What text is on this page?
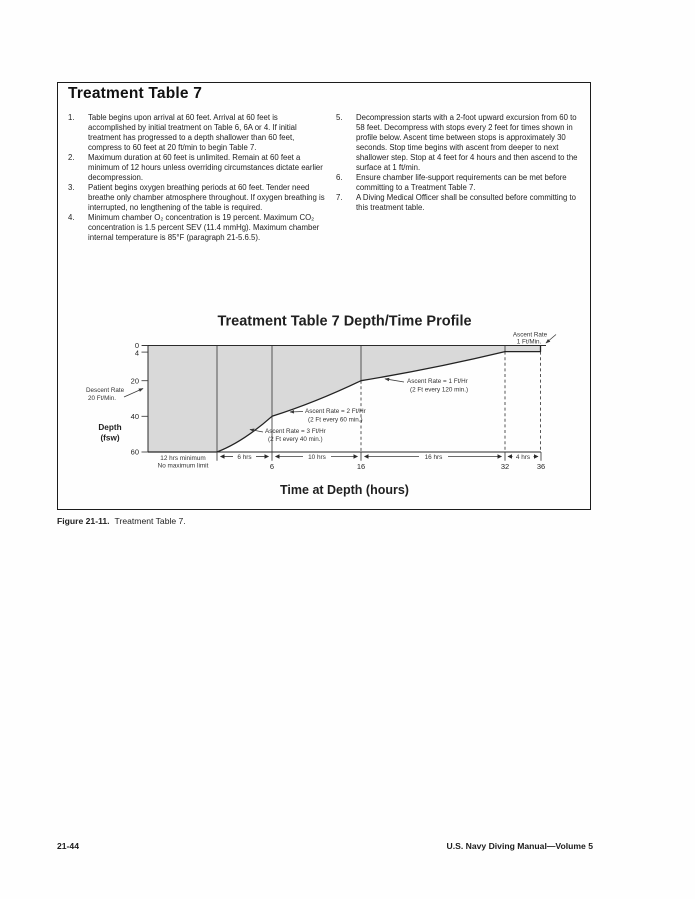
Treatment Table 7
1.	Table begins upon arrival at 60 feet. Arrival at 60 feet is accomplished by initial treatment on Table 6, 6A or 4. If initial treatment has progressed to a depth shallower than 60 feet, compress to 60 feet at 20 ft/min to begin Table 7.
2.	Maximum duration at 60 feet is unlimited. Remain at 60 feet a minimum of 12 hours unless overriding circumstances dictate earlier decompression.
3.	Patient begins oxygen breathing periods at 60 feet. Tender need breathe only chamber atmosphere throughout. If oxygen breathing is interrupted, no lengthening of the table is required.
4.	Minimum chamber O₂ concentration is 19 percent. Maximum CO₂ concentration is 1.5 percent SEV (11.4 mmHg). Maximum chamber internal temperature is 85°F (paragraph 21-5.6.5).
5.	Decompression starts with a 2-foot upward excursion from 60 to 58 feet. Decompress with stops every 2 feet for times shown in profile below. Ascent time between stops is approximately 30 seconds. Stop time begins with ascent from deeper to next shallower step. Stop at 4 feet for 4 hours and then ascend to the surface at 1 ft/min.
6.	Ensure chamber life-support requirements can be met before committing to a Treatment Table 7.
7.	A Diving Medical Officer shall be consulted before committing to this treatment table.
Treatment Table 7 Depth/Time Profile
0
4
20
40
60
Depth
(fsw)
6	16	32	36
12 hrs minimum
No maximum limit
6 hrs	10 hrs	16 hrs	4 hrs
Descent Rate
20 Ft/Min.
Ascent Rate = 3 Ft/Hr
(2 Ft every 40 min.)
Ascent Rate = 2 Ft/Hr
(2 Ft every 60 min.)
Ascent Rate = 1 Ft/Hr
(2 Ft every 120 min.)
Ascent Rate
1 Ft/Min.
Time at Depth (hours)
Figure 21-11. Treatment Table 7.
21-44	U.S. Navy Diving Manual—Volume 5
